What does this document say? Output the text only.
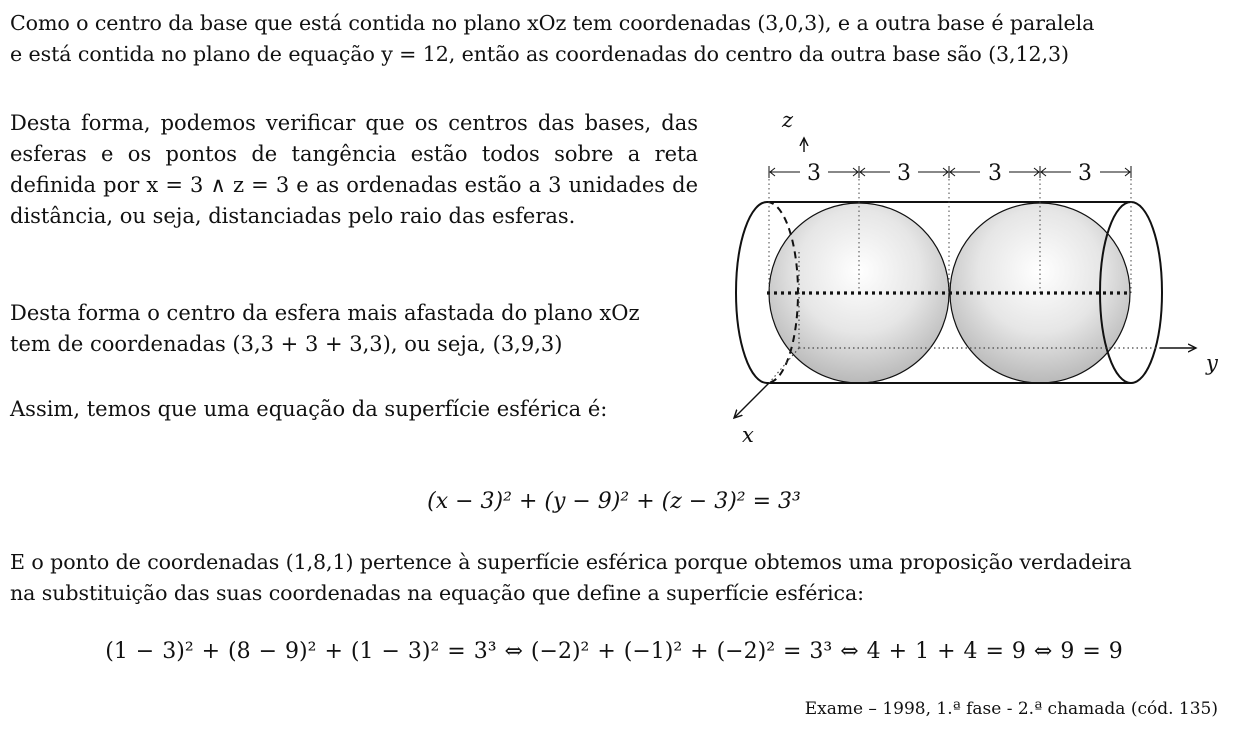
Como o centro da base que está contida no plano xOz tem coordenadas (3,0,3), e a outra base é paralela
e está contida no plano de equação y = 12, então as coordenadas do centro da outra base são (3,12,3)
Desta forma, podemos verificar que os centros das bases, das esferas e os pontos de tangência estão todos sobre a reta definida por x = 3 ∧ z = 3 e as ordenadas estão a 3 unidades de distância, ou seja, distanciadas pelo raio das esferas.
Desta forma o centro da esfera mais afastada do plano xOz
tem de coordenadas (3,3 + 3 + 3,3), ou seja, (3,9,3)
Assim, temos que uma equação da superfície esférica é:
3	3	3	3
z
y
x
(x − 3)² + (y − 9)² + (z − 3)² = 3³
E o ponto de coordenadas (1,8,1) pertence à superfície esférica porque obtemos uma proposição verdadeira
na substituição das suas coordenadas na equação que define a superfície esférica:
(1 − 3)² + (8 − 9)² + (1 − 3)² = 3³ ⇔ (−2)² + (−1)² + (−2)² = 3³ ⇔ 4 + 1 + 4 = 9 ⇔ 9 = 9
Exame – 1998, 1.ª fase - 2.ª chamada (cód. 135)
